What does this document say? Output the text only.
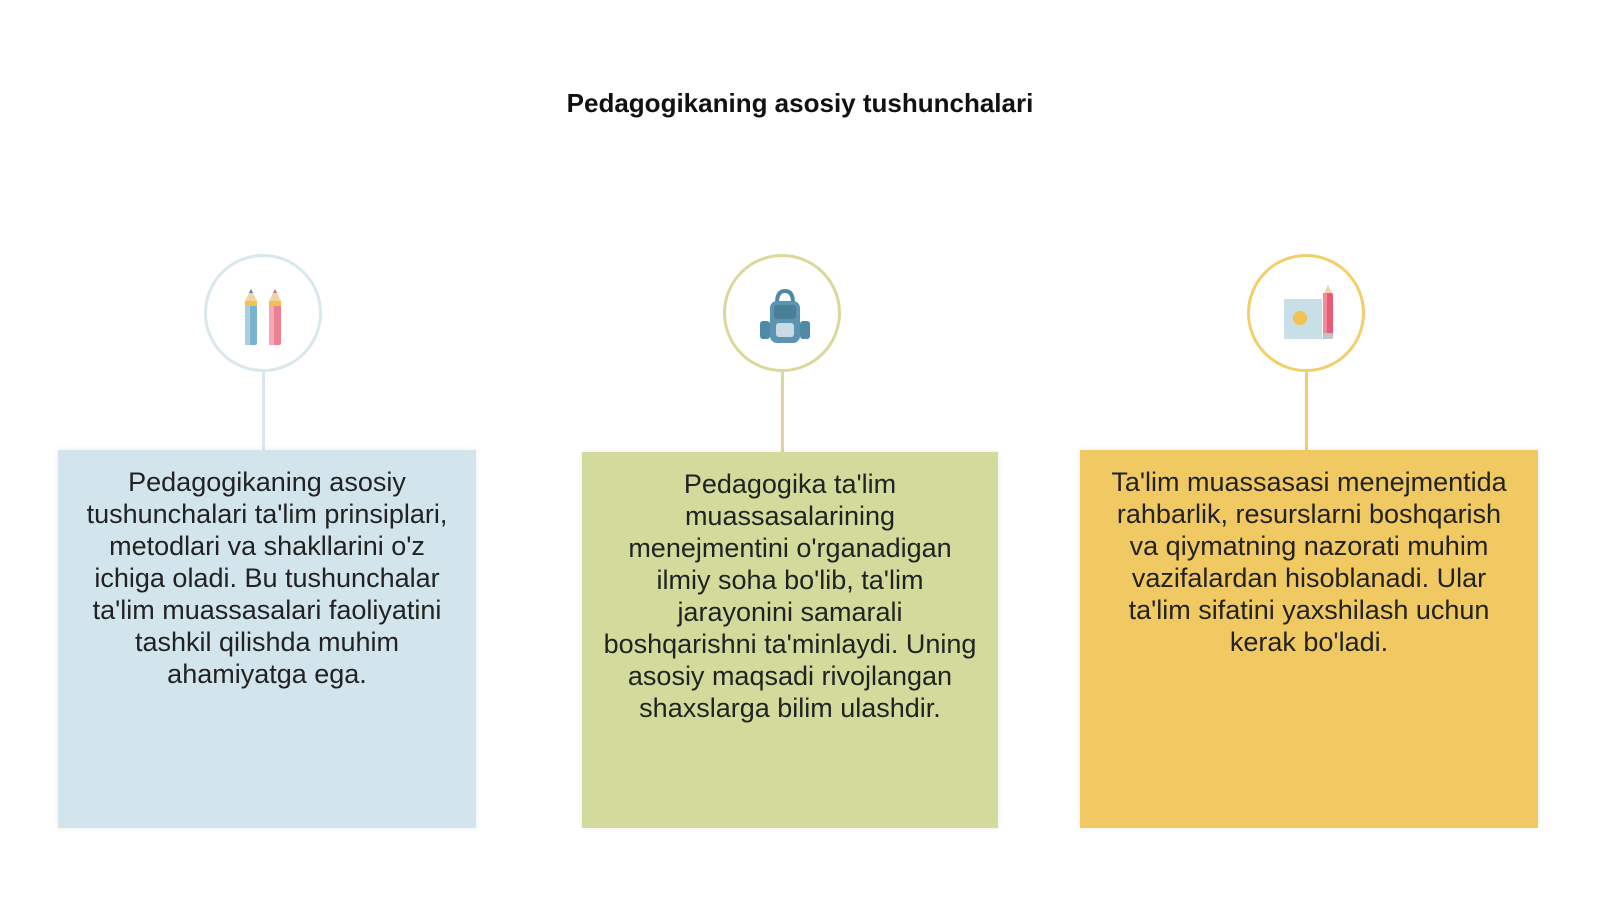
Pedagogikaning asosiy tushunchalari
Pedagogikaning asosiy tushunchalari ta'lim prinsiplari, metodlari va shakllarini o'z ichiga oladi. Bu tushunchalar ta'lim muassasalari faoliyatini tashkil qilishda muhim ahamiyatga ega.
Pedagogika ta'lim muassasalarining menejmentini o'rganadigan ilmiy soha bo'lib, ta'lim jarayonini samarali boshqarishni ta'minlaydi. Uning asosiy maqsadi rivojlangan shaxslarga bilim ulashdir.
Ta'lim muassasasi menejmentida rahbarlik, resurslarni boshqarish va qiymatning nazorati muhim vazifalardan hisoblanadi. Ular ta'lim sifatini yaxshilash uchun kerak bo'ladi.
